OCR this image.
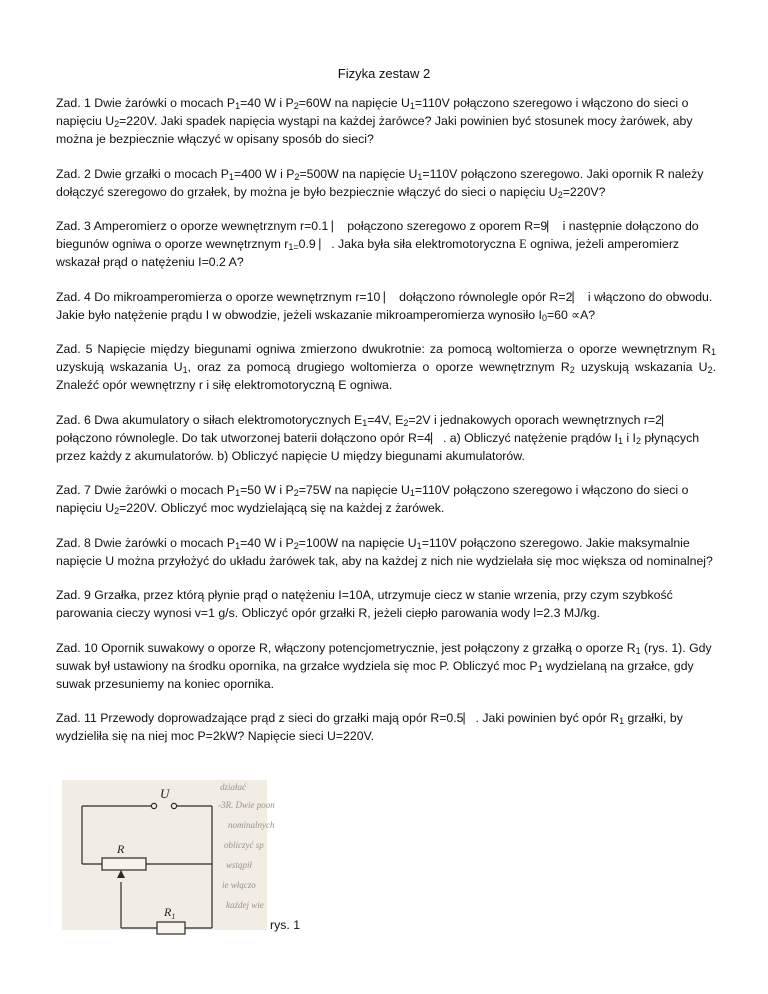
Fizyka zestaw 2

Zad. 1 Dwie żarówki o mocach $P_1=40$ W i $P_2=60W$ na napięcie $U_1=110V$ połączono szeregowo i włączono do sieci o napięciu $U_2=220V$. Jaki spadek napięcia wystąpi na każdej żarówce? Jaki powinien być stosunek mocy żarówek, aby można je bezpiecznie włączyć w opisany sposób do sieci?

Zad. 2 Dwie grzałki o mocach $P_1=400$ W i $P_2=500W$ na napięcie $U_1=110V$ połączono szeregowo. Jaki opornik R należy dołączyć szeregowo do grzałek, by można je było bezpiecznie włączyć do sieci o napięciu $U_2=220V$?

Zad. 3 Amperomierz o oporze wewnętrznym r=0.1 ⎸ połączono szeregowo z oporem R=9⎸ i następnie dołączono do biegunów ogniwa o oporze wewnętrznym $r_{1=}0.9$ ⎸. Jaka była siła elektromotoryczna E ogniwa, jeżeli amperomierz wskazał prąd o natężeniu I=0.2 A?

Zad. 4 Do mikroamperomierza o oporze wewnętrznym r=10 ⎸ dołączono równolegle opór R=2⎸ i włączono do obwodu. Jakie było natężenie prądu I w obwodzie, jeżeli wskazanie mikroamperomierza wynosiło $I_0=60 \propto A$?

Zad. 5 Napięcie między biegunami ogniwa zmierzono dwukrotnie: za pomocą woltomierza o oporze wewnętrznym $R_1$ uzyskują wskazania $U_1$, oraz za pomocą drugiego woltomierza o oporze wewnętrznym $R_2$ uzyskują wskazania $U_2$. Znaleźć opór wewnętrzny r i siłę elektromotoryczną E ogniwa.

Zad. 6 Dwa akumulatory o siłach elektromotorycznych $E_1=4V$, $E_2=2V$ i jednakowych oporach wewnętrznych r=2⎸ połączono równolegle. Do tak utworzonej baterii dołączono opór R=4⎸. a) Obliczyć natężenie prądów $I_1$ i $I_2$ płynących przez każdy z akumulatorów. b) Obliczyć napięcie U między biegunami akumulatorów.

Zad. 7 Dwie żarówki o mocach $P_1=50$ W i $P_2=75W$ na napięcie $U_1=110V$ połączono szeregowo i włączono do sieci o napięciu $U_2=220V$. Obliczyć moc wydzielającą się na każdej z żarówek.

Zad. 8 Dwie żarówki o mocach $P_1=40$ W i $P_2=100W$ na napięcie $U_1=110V$ połączono szeregowo. Jakie maksymalnie napięcie U można przyłożyć do układu żarówek tak, aby na każdej z nich nie wydzielała się moc większa od nominalnej?

Zad. 9 Grzałka, przez którą płynie prąd o natężeniu I=10A, utrzymuje ciecz w stanie wrzenia, przy czym szybkość parowania cieczy wynosi v=1 g/s. Obliczyć opór grzałki R, jeżeli ciepło parowania wody l=2.3 MJ/kg.

Zad. 10 Opornik suwakowy o oporze R, włączony potencjometrycznie, jest połączony z grzałką o oporze $R_1$ (rys. 1). Gdy suwak był ustawiony na środku opornika, na grzałce wydziela się moc P. Obliczyć moc $P_1$ wydzielaną na grzałce, gdy suwak przesuniemy na koniec opornika.

Zad. 11 Przewody doprowadzające prąd z sieci do grzałki mają opór R=0.5⎸. Jaki powinien być opór $R_1$ grzałki, by wydzieliła się na niej moc P=2kW? Napięcie sieci U=220V.

działać
-3R. Dwie poon
nominalnych
obliczyć sp
wstąpił
ie włączo
kaźdej wie
U
R
$R_1$
rys. 1
